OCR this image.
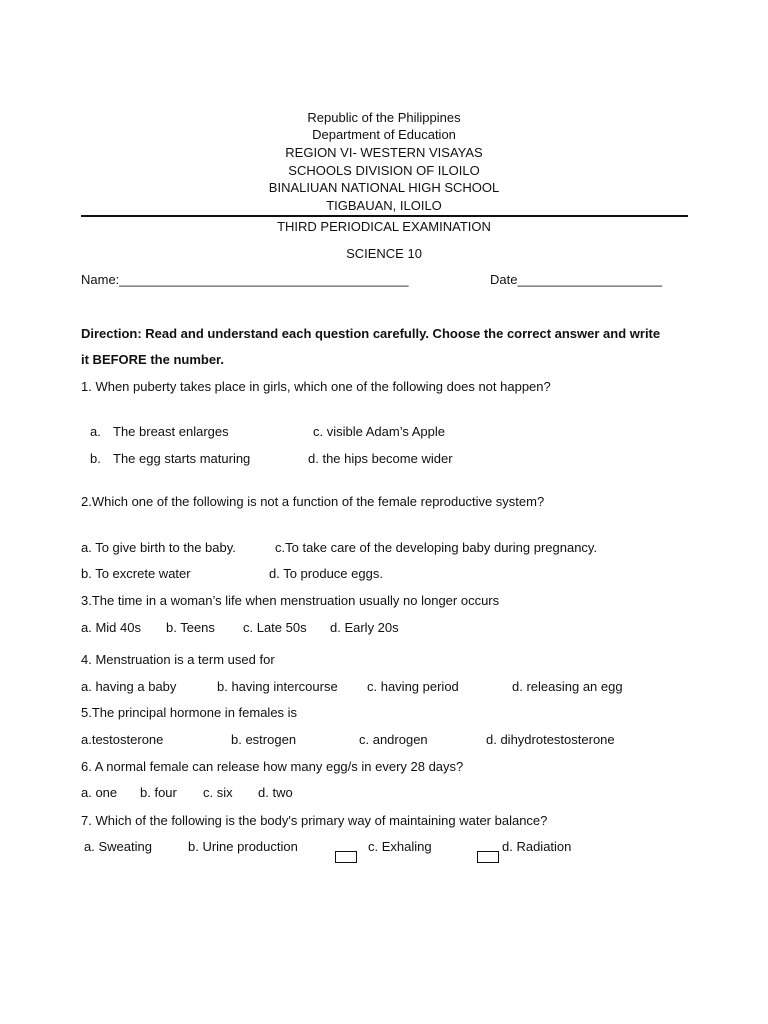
Republic of the Philippines
Department of Education
REGION VI- WESTERN VISAYAS
SCHOOLS DIVISION OF ILOILO
BINALIUAN NATIONAL HIGH SCHOOL
TIGBAUAN, ILOILO
THIRD PERIODICAL EXAMINATION
SCIENCE 10
Name:________________________________________	Date____________________
Direction: Read and understand each question carefully. Choose the correct answer and write
it BEFORE the number.
1. When puberty takes place in girls, which one of the following does not happen?
a. The breast enlarges	c. visible Adam’s Apple
b. The egg starts maturing	d. the hips become wider
2.Which one of the following is not a function of the female reproductive system?
a. To give birth to the baby.	c.To take care of the developing baby during pregnancy.
b. To excrete water	d. To produce eggs.
3.The time in a woman’s life when menstruation usually no longer occurs
a. Mid 40s b. Teens c. Late 50s d. Early 20s
4. Menstruation is a term used for
a. having a baby	b. having intercourse c. having period	d. releasing an egg
5.The principal hormone in females is
a.testosterone	b. estrogen	c. androgen	d. dihydrotestosterone
6. A normal female can release how many egg/s in every 28 days?
a. one b. four c. six d. two
7. Which of the following is the body's primary way of maintaining water balance?
a. Sweating	b. Urine production	c. Exhaling	d. Radiation
